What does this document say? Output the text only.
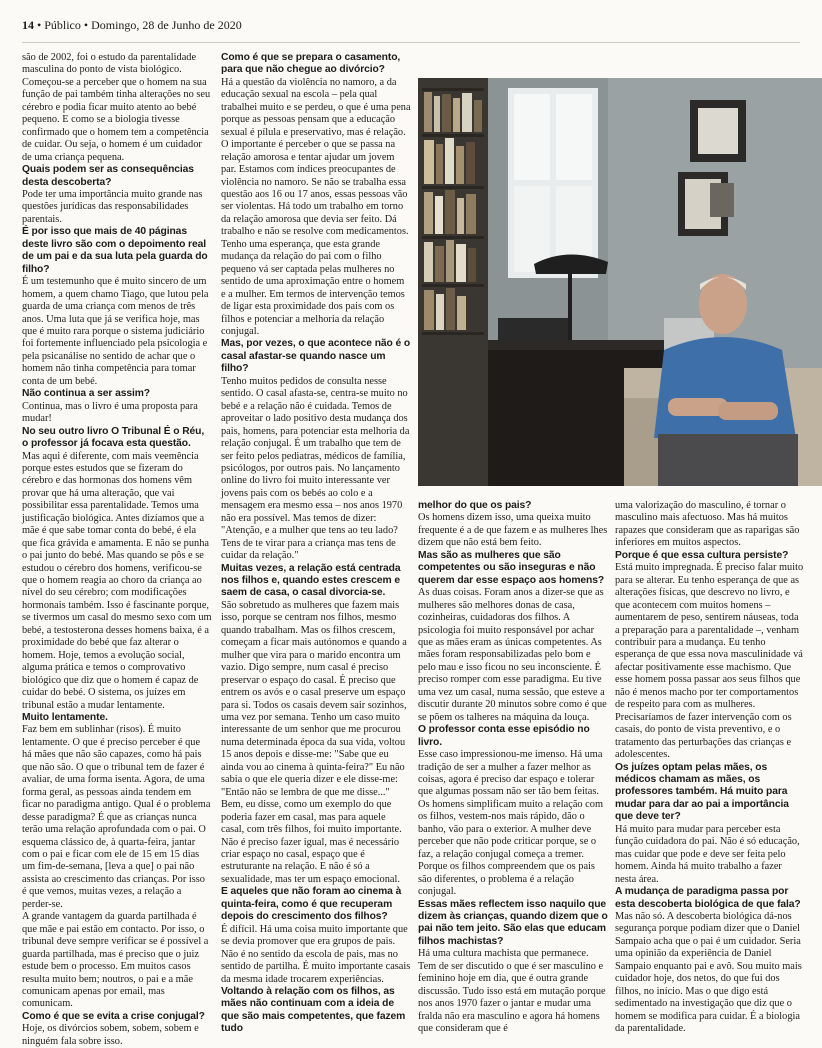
14 • Público • Domingo, 28 de Junho de 2020

são de 2002, foi o estudo da parentalidade masculina do ponto de vista biológico. Começou-se a perceber que o homem na sua função de pai também tinha alterações no seu cérebro e podia ficar muito atento ao bebé pequeno. E como se a biologia tivesse confirmado que o homem tem a competência de cuidar. Ou seja, o homem é um cuidador de uma criança pequena.

Quais podem ser as consequências desta descoberta?

Pode ter uma importância muito grande nas questões jurídicas das responsabilidades parentais.

É por isso que mais de 40 páginas deste livro são com o depoimento real de um pai e da sua luta pela guarda do filho?

É um testemunho que é muito sincero de um homem, a quem chamo Tiago, que lutou pela guarda de uma criança com menos de três anos. Uma luta que já se verifica hoje, mas que é muito rara porque o sistema judiciário foi fortemente influenciado pela psicologia e pela psicanálise no sentido de achar que o homem não tinha competência para tomar conta de um bebé.

Não continua a ser assim?

Continua, mas o livro é uma proposta para mudar!

No seu outro livro O Tribunal É o Réu, o professor já focava esta questão.

Mas aqui é diferente, com mais veemência porque estes estudos que se fizeram do cérebro e das hormonas dos homens vêm provar que há uma alteração, que vai possibilitar essa parentalidade. Temos uma justificação biológica. Antes dizíamos que a mãe é que sabe tomar conta do bebé, é ela que fica grávida e amamenta. E não se punha o pai junto do bebé. Mas quando se pôs e se estudou o cérebro dos homens, verificou-se que o homem reagia ao choro da criança ao nível do seu cérebro; com modificações hormonais também. Isso é fascinante porque, se tivermos um casal do mesmo sexo com um bebé, a testosterona desses homens baixa, é a proximidade do bebé que faz alterar o homem. Hoje, temos a evolução social, alguma prática e temos o comprovativo biológico que diz que o homem é capaz de cuidar do bebé. O sistema, os juízes em tribunal estão a mudar lentamente.

Muito lentamente.

Faz bem em sublinhar (risos). É muito lentamente. O que é preciso perceber é que há mães que não são capazes, como há pais que não são. O que o tribunal tem de fazer é avaliar, de uma forma isenta. Agora, de uma forma geral, as pessoas ainda tendem em ficar no paradigma antigo. Qual é o problema desse paradigma? É que as crianças nunca terão uma relação aprofundada com o pai. O esquema clássico de, à quarta-feira, jantar com o pai e ficar com ele de 15 em 15 dias um fim-de-semana, [leva a que] o pai não assista ao crescimento das crianças. Por isso é que vemos, muitas vezes, a relação a perder-se.

A grande vantagem da guarda partilhada é que mãe e pai estão em contacto. Por isso, o tribunal deve sempre verificar se é possível a guarda partilhada, mas é preciso que o juiz estude bem o processo. Em muitos casos resulta muito bem; noutros, o pai e a mãe comunicam apenas por email, mas comunicam.

Como é que se evita a crise conjugal?

Hoje, os divórcios sobem, sobem, sobem e ninguém fala sobre isso.

Como é que se prepara o casamento, para que não chegue ao divórcio?

Há a questão da violência no namoro, a da educação sexual na escola – pela qual trabalhei muito e se perdeu, o que é uma pena porque as pessoas pensam que a educação sexual é pílula e preservativo, mas é relação. O importante é perceber o que se passa na relação amorosa e tentar ajudar um jovem par. Estamos com índices preocupantes de violência no namoro. Se não se trabalha essa questão aos 16 ou 17 anos, essas pessoas vão ser violentas. Há todo um trabalho em torno da relação amorosa que devia ser feito. Dá trabalho e não se resolve com medicamentos. Tenho uma esperança, que esta grande mudança da relação do pai com o filho pequeno vá ser captada pelas mulheres no sentido de uma aproximação entre o homem e a mulher. Em termos de intervenção temos de ligar esta proximidade dos pais com os filhos e potenciar a melhoria da relação conjugal.

Mas, por vezes, o que acontece não é o casal afastar-se quando nasce um filho?

Tenho muitos pedidos de consulta nesse sentido. O casal afasta-se, centra-se muito no bebé e a relação não é cuidada. Temos de aproveitar o lado positivo desta mudança dos pais, homens, para potenciar esta melhoria da relação conjugal. É um trabalho que tem de ser feito pelos pediatras, médicos de família, psicólogos, por outros pais. No lançamento online do livro foi muito interessante ver jovens pais com os bebés ao colo e a mensagem era mesmo essa – nos anos 1970 não era possível. Mas temos de dizer: "Atenção, e a mulher que tens ao teu lado? Tens de te virar para a criança mas tens de cuidar da relação."

Muitas vezes, a relação está centrada nos filhos e, quando estes crescem e saem de casa, o casal divorcia-se.

São sobretudo as mulheres que fazem mais isso, porque se centram nos filhos, mesmo quando trabalham. Mas os filhos crescem, começam a ficar mais autónomos e quando a mulher que vira para o marido encontra um vazio. Digo sempre, num casal é preciso preservar o espaço do casal. É preciso que entrem os avós e o casal preserve um espaço para si. Todos os casais devem sair sozinhos, uma vez por semana. Tenho um caso muito interessante de um senhor que me procurou numa determinada época da sua vida, voltou 15 anos depois e disse-me: "Sabe que eu ainda vou ao cinema à quinta-feira?" Eu não sabia o que ele queria dizer e ele disse-me: "Então não se lembra de que me disse..." Bem, eu disse, como um exemplo do que poderia fazer em casal, mas para aquele casal, com três filhos, foi muito importante. Não é preciso fazer igual, mas é necessário criar espaço no casal, espaço que é estruturante na relação. E não é só a sexualidade, mas ter um espaço emocional.

E aqueles que não foram ao cinema à quinta-feira, como é que recuperam depois do crescimento dos filhos?

É difícil. Há uma coisa muito importante que se devia promover que era grupos de pais. Não é no sentido da escola de pais, mas no sentido de partilha. É muito importante casais da mesma idade trocarem experiências.

Voltando à relação com os filhos, as mães não continuam com a ideia de que são mais competentes, que fazem tudo

melhor do que os pais?

Os homens dizem isso, uma queixa muito frequente é a de que fazem e as mulheres lhes dizem que não está bem feito.

Mas são as mulheres que são competentes ou são inseguras e não querem dar esse espaço aos homens?

As duas coisas. Foram anos a dizer-se que as mulheres são melhores donas de casa, cozinheiras, cuidadoras dos filhos. A psicologia foi muito responsável por achar que as mães eram as únicas competentes. As mães foram responsabilizadas pelo bom e pelo mau e isso ficou no seu inconsciente. É preciso romper com esse paradigma. Eu tive uma vez um casal, numa sessão, que esteve a discutir durante 20 minutos sobre como é que se põem os talheres na máquina da louça.

O professor conta esse episódio no livro.

Esse caso impressionou-me imenso. Há uma tradição de ser a mulher a fazer melhor as coisas, agora é preciso dar espaço e tolerar que algumas possam não ser tão bem feitas. Os homens simplificam muito a relação com os filhos, vestem-nos mais rápido, dão o banho, vão para o exterior. A mulher deve perceber que não pode criticar porque, se o faz, a relação conjugal começa a tremer. Porque os filhos compreendem que os pais são diferentes, o problema é a relação conjugal.

Essas mães reflectem isso naquilo que dizem às crianças, quando dizem que o pai não tem jeito. São elas que educam filhos machistas?

Há uma cultura machista que permanece. Tem de ser discutido o que é ser masculino e feminino hoje em dia, que é outra grande discussão. Tudo isso está em mutação porque nos anos 1970 fazer o jantar e mudar uma fralda não era masculino e agora há homens que consideram que é

uma valorização do masculino, é tornar o masculino mais afectuoso. Mas há muitos rapazes que consideram que as raparigas são inferiores em muitos aspectos.

Porque é que essa cultura persiste?

Está muito impregnada. É preciso falar muito para se alterar. Eu tenho esperança de que as alterações físicas, que descrevo no livro, e que acontecem com muitos homens – aumentarem de peso, sentirem náuseas, toda a preparação para a parentalidade –, venham contribuir para a mudança. Eu tenho esperança de que essa nova masculinidade vá afectar positivamente esse machismo. Que esse homem possa passar aos seus filhos que não é menos macho por ter comportamentos de respeito para com as mulheres. Precisaríamos de fazer intervenção com os casais, do ponto de vista preventivo, e o tratamento das perturbações das crianças e adolescentes.

Os juízes optam pelas mães, os médicos chamam as mães, os professores também. Há muito para mudar para dar ao pai a importância que deve ter?

Há muito para mudar para perceber esta função cuidadora do pai. Não é só educação, mas cuidar que pode e deve ser feita pelo homem. Ainda há muito trabalho a fazer nesta área.

A mudança de paradigma passa por esta descoberta biológica de que fala?

Mas não só. A descoberta biológica dá-nos segurança porque podiam dizer que o Daniel Sampaio acha que o pai é um cuidador. Seria uma opinião da experiência de Daniel Sampaio enquanto pai e avô. Sou muito mais cuidador hoje, dos netos, do que fui dos filhos, no início. Mas o que digo está sedimentado na investigação que diz que o homem se modifica para cuidar. É a biologia da parentalidade.
